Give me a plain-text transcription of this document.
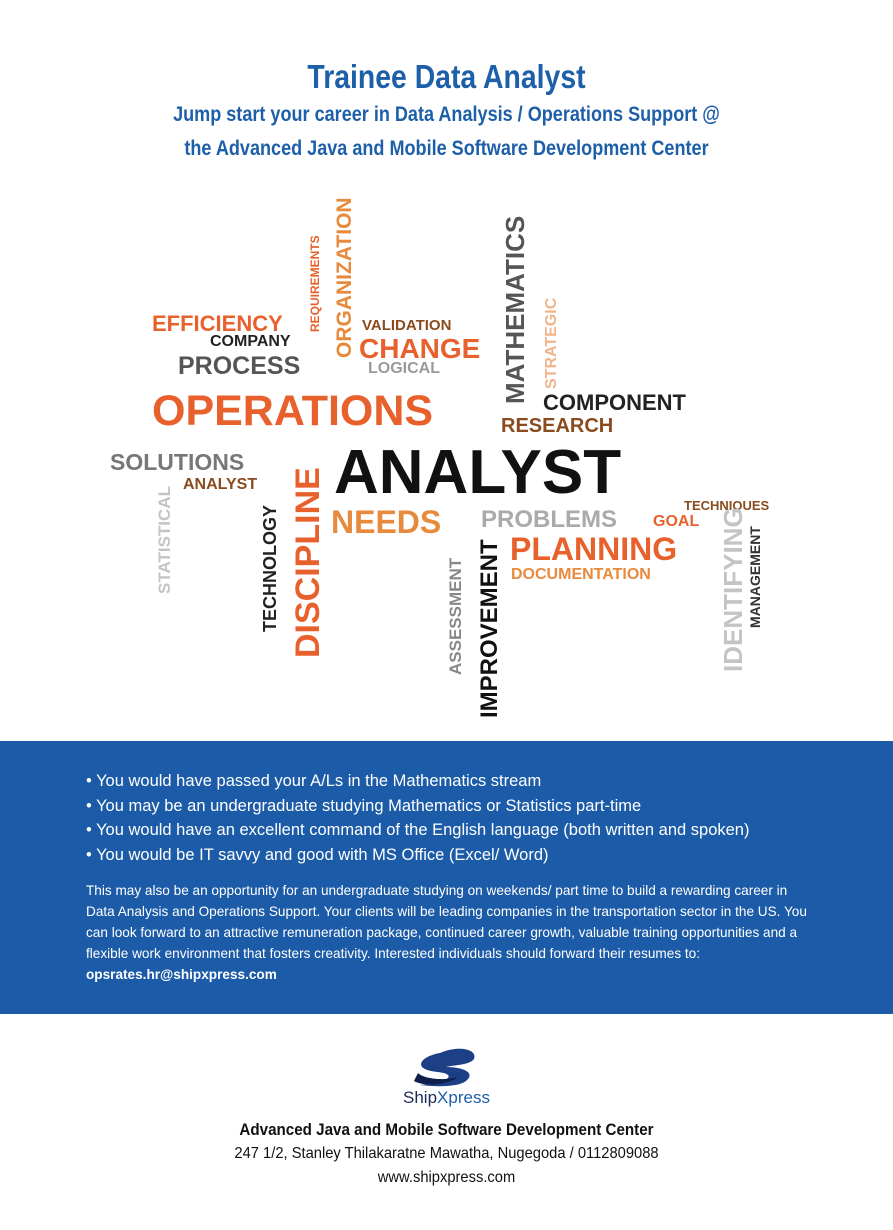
Trainee Data Analyst
Jump start your career in Data Analysis / Operations Support @
the Advanced Java and Mobile Software Development Center
EFFICIENCY	VALIDATION
COMPANY CHANGE
PROCESS	LOGICAL
OPERATIONS	COMPONENT
RESEARCH
SOLUTIONS
ANALYST ANALYST
NEEDS PROBLEMS GOAL
TECHNIQUES
PLANNING
DOCUMENTATION
REQUIREMENTS ORGANIZATION	MATHEMATICS STRATEGIC
STATISTICAL	TECHNOLOGY DISCIPLINE	ASSESSMENT IMPROVEMENT	IDENTIFYING MANAGEMENT
• You would have passed your A/Ls in the Mathematics stream
• You may be an undergraduate studying Mathematics or Statistics part-time
• You would have an excellent command of the English language (both written and spoken)
• You would be IT savvy and good with MS Office (Excel/ Word)
This may also be an opportunity for an undergraduate studying on weekends/ part time to build a rewarding career in Data Analysis and Operations Support. Your clients will be leading companies in the transportation sector in the US. You can look forward to an attractive remuneration package, continued career growth, valuable training opportunities and a flexible work environment that fosters creativity. Interested individuals should forward their resumes to: opsrates.hr@shipxpress.com
ShipXpress
Advanced Java and Mobile Software Development Center
247 1/2, Stanley Thilakaratne Mawatha, Nugegoda / 0112809088
www.shipxpress.com
